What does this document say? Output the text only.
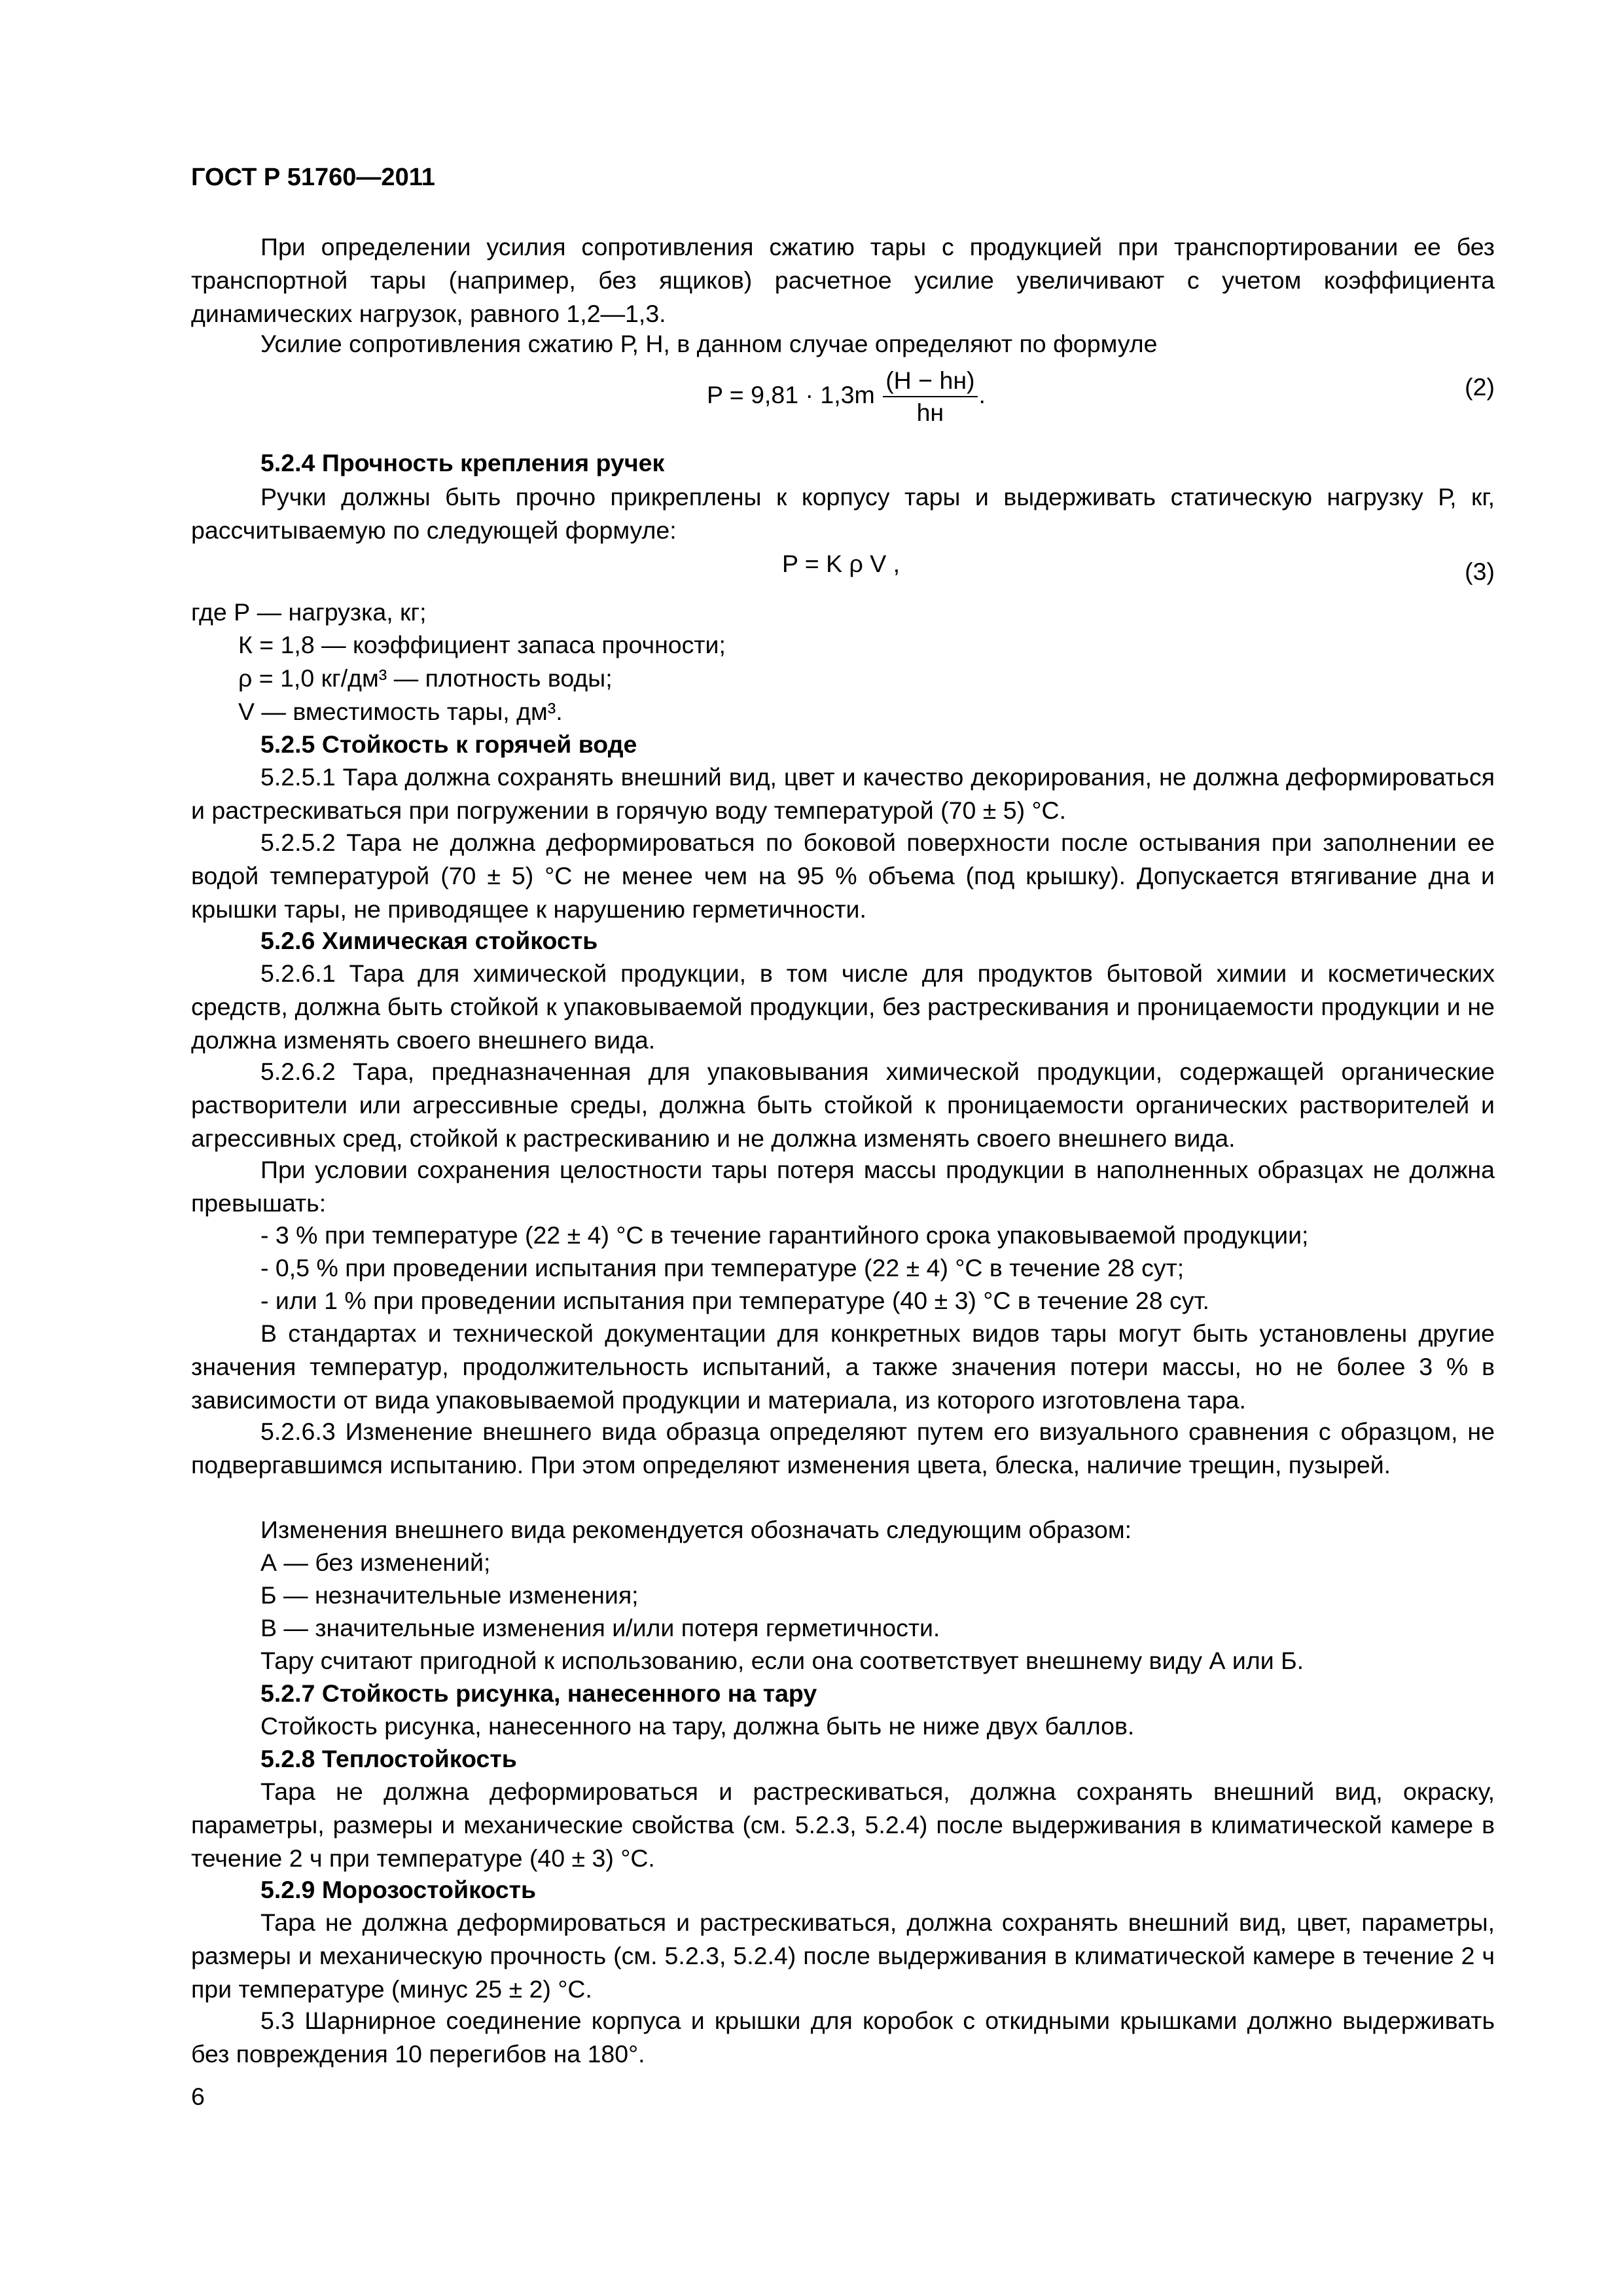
ГОСТ Р 51760—2011

При определении усилия сопротивления сжатию тары с продукцией при транспортировании ее без транспортной тары (например, без ящиков) расчетное усилие увеличивают с учетом коэффициента динамических нагрузок, равного 1,2—1,3.

Усилие сопротивления сжатию Р, Н, в данном случае определяют по формуле

$P = 9,81 \cdot 1,3m \frac{(H - hн)}{hн}$ .	(2)

5.2.4 Прочность крепления ручек

Ручки должны быть прочно прикреплены к корпусу тары и выдерживать статическую нагрузку Р, кг, рассчитываемую по следующей формуле:

P = K ρ V ,	(3)

где Р — нагрузка, кг;

К = 1,8 — коэффициент запаса прочности;

ρ = 1,0 кг/дм³ — плотность воды;

V — вместимость тары, дм³.

5.2.5 Стойкость к горячей воде

5.2.5.1 Тара должна сохранять внешний вид, цвет и качество декорирования, не должна деформироваться и растрескиваться при погружении в горячую воду температурой (70 ± 5) °С.

5.2.5.2 Тара не должна деформироваться по боковой поверхности после остывания при заполнении ее водой температурой (70 ± 5) °С не менее чем на 95 % объема (под крышку). Допускается втягивание дна и крышки тары, не приводящее к нарушению герметичности.

5.2.6 Химическая стойкость

5.2.6.1 Тара для химической продукции, в том числе для продуктов бытовой химии и косметических средств, должна быть стойкой к упаковываемой продукции, без растрескивания и проницаемости продукции и не должна изменять своего внешнего вида.

5.2.6.2 Тара, предназначенная для упаковывания химической продукции, содержащей органические растворители или агрессивные среды, должна быть стойкой к проницаемости органических растворителей и агрессивных сред, стойкой к растрескиванию и не должна изменять своего внешнего вида.

При условии сохранения целостности тары потеря массы продукции в наполненных образцах не должна превышать:

- 3 % при температуре (22 ± 4) °С в течение гарантийного срока упаковываемой продукции;

- 0,5 % при проведении испытания при температуре (22 ± 4) °С в течение 28 сут;

- или 1 % при проведении испытания при температуре (40 ± 3) °С в течение 28 сут.

В стандартах и технической документации для конкретных видов тары могут быть установлены другие значения температур, продолжительность испытаний, а также значения потери массы, но не более 3 % в зависимости от вида упаковываемой продукции и материала, из которого изготовлена тара.

5.2.6.3 Изменение внешнего вида образца определяют путем его визуального сравнения с образцом, не подвергавшимся испытанию. При этом определяют изменения цвета, блеска, наличие трещин, пузырей.

Изменения внешнего вида рекомендуется обозначать следующим образом:

А — без изменений;

Б — незначительные изменения;

В — значительные изменения и/или потеря герметичности.

Тару считают пригодной к использованию, если она соответствует внешнему виду А или Б.

5.2.7 Стойкость рисунка, нанесенного на тару

Стойкость рисунка, нанесенного на тару, должна быть не ниже двух баллов.

5.2.8 Теплостойкость

Тара не должна деформироваться и растрескиваться, должна сохранять внешний вид, окраску, параметры, размеры и механические свойства (см. 5.2.3, 5.2.4) после выдерживания в климатической камере в течение 2 ч при температуре (40 ± 3) °С.

5.2.9 Морозостойкость

Тара не должна деформироваться и растрескиваться, должна сохранять внешний вид, цвет, параметры, размеры и механическую прочность (см. 5.2.3, 5.2.4) после выдерживания в климатической камере в течение 2 ч при температуре (минус 25 ± 2) °С.

5.3 Шарнирное соединение корпуса и крышки для коробок с откидными крышками должно выдерживать без повреждения 10 перегибов на 180°.

6
